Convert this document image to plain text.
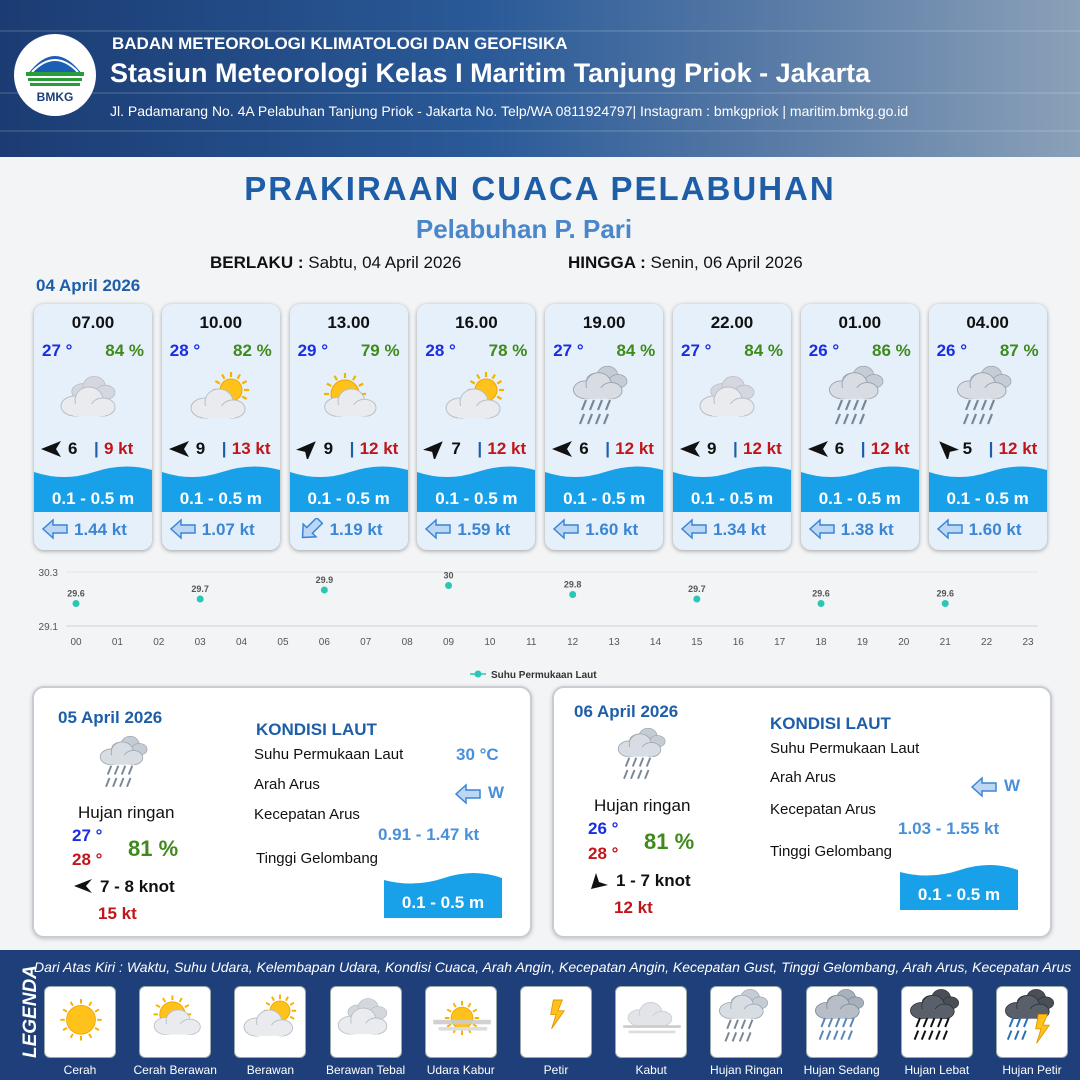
BMKG
BADAN METEOROLOGI KLIMATOLOGI DAN GEOFISIKA
Stasiun Meteorologi Kelas I Maritim Tanjung Priok - Jakarta
Jl. Padamarang No. 4A Pelabuhan Tanjung Priok - Jakarta No. Telp/WA 0811924797| Instagram : bmkgpriok | maritim.bmkg.go.id
PRAKIRAAN CUACA PELABUHAN
Pelabuhan P. Pari
BERLAKU : Sabtu, 04 April 2026	HINGGA : Senin, 06 April 2026
04 April 2026
07.00
27 ° 84 %
6 | 9 kt
0.1 - 0.5 m
1.44 kt
10.00
28 ° 82 %
9 | 13 kt
0.1 - 0.5 m
1.07 kt
13.00
29 ° 79 %
9 | 12 kt
0.1 - 0.5 m
1.19 kt
16.00
28 ° 78 %
7 | 12 kt
0.1 - 0.5 m
1.59 kt
19.00
27 ° 84 %
6 | 12 kt
0.1 - 0.5 m
1.60 kt
22.00
27 ° 84 %
9 | 12 kt
0.1 - 0.5 m
1.34 kt
01.00
26 ° 86 %
6 | 12 kt
0.1 - 0.5 m
1.38 kt
04.00
26 ° 87 %
5 | 12 kt
0.1 - 0.5 m
1.60 kt
30.3
29.1
00	01	02	03	04	05	06	07	08	09	10	11	12	13	14	15	16	17	18	19	20	21	22	23
29.6	29.7
29.9	30
29.8	29.7	29.6	29.6
Suhu Permukaan Laut
05 April 2026
Hujan ringan
27 °
28 ° 81 %
7 - 8 knot
15 kt
KONDISI LAUT
Suhu Permukaan Laut	30 °C
Arah Arus	W
Kecepatan Arus
0.91 - 1.47 kt
Tinggi Gelombang
0.1 - 0.5 m
06 April 2026
Hujan ringan
26 °
28 ° 81 %
1 - 7 knot
12 kt
KONDISI LAUT
Suhu Permukaan Laut
Arah Arus	W
Kecepatan Arus
1.03 - 1.55 kt
Tinggi Gelombang
0.1 - 0.5 m
LEGENDA
Dari Atas Kiri : Waktu, Suhu Udara, Kelembapan Udara, Kondisi Cuaca, Arah Angin, Kecepatan Angin, Kecepatan Gust, Tinggi Gelombang, Arah Arus, Kecepatan Arus
Cerah	Cerah Berawan	Berawan	Berawan Tebal	Udara Kabur	Petir	Kabut	Hujan Ringan	Hujan Sedang	Hujan Lebat	Hujan Petir
